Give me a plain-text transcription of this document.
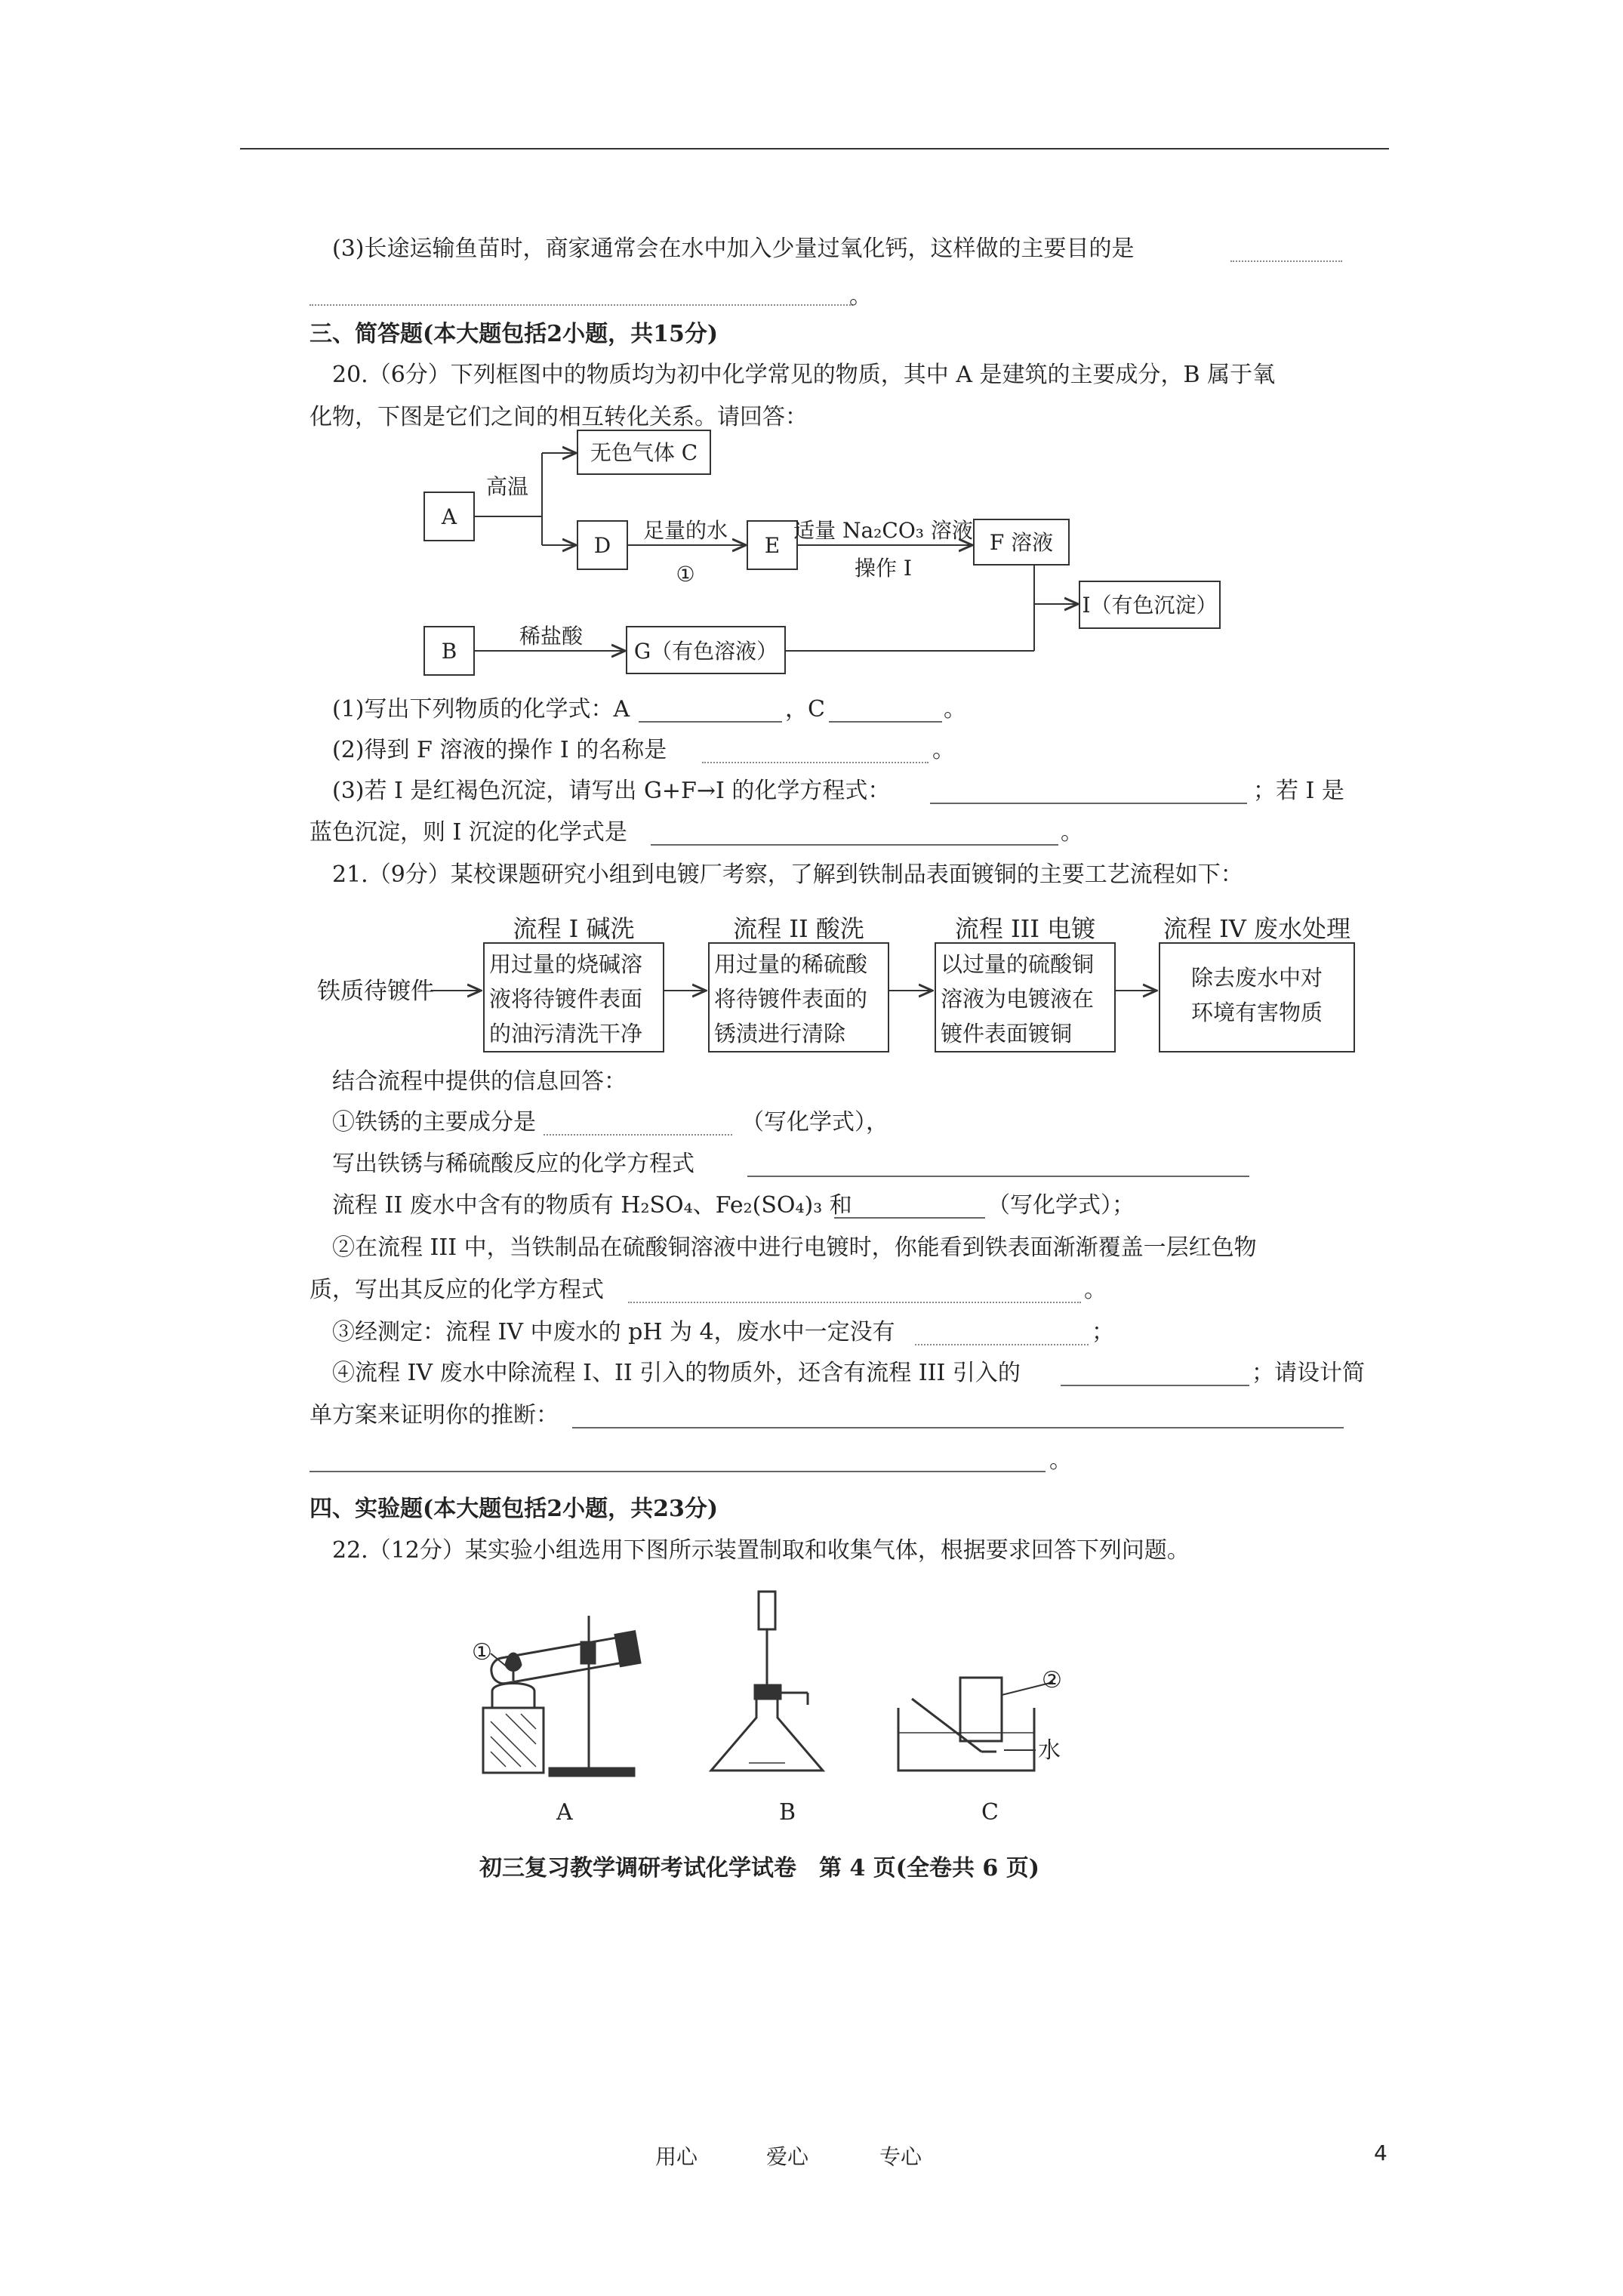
(3)长途运输鱼苗时，商家通常会在水中加入少量过氧化钙，这样做的主要目的是
。
三、简答题(本大题包括2小题，共15分)
20.（6分）下列框图中的物质均为初中化学常见的物质，其中 A 是建筑的主要成分，B 属于氧
化物，下图是它们之间的相互转化关系。请回答：
A
无色气体 C
D	E	F 溶液
I（有色沉淀）
B	G（有色溶液）
高温
足量的水
①
适量 Na₂CO₃ 溶液
操作 I
稀盐酸
(1)写出下列物质的化学式：A	，C	。
(2)得到 F 溶液的操作 I 的名称是	。
(3)若 I 是红褐色沉淀，请写出 G+F→I 的化学方程式：	；若 I 是
蓝色沉淀，则 I 沉淀的化学式是	。
21.（9分）某校课题研究小组到电镀厂考察，了解到铁制品表面镀铜的主要工艺流程如下：
流程 I 碱洗	流程 II 酸洗	流程 III 电镀	流程 IV 废水处理
铁质待镀件
用过量的烧碱溶
液将待镀件表面
的油污清洗干净
用过量的稀硫酸
将待镀件表面的
锈渍进行清除
以过量的硫酸铜
溶液为电镀液在
镀件表面镀铜
除去废水中对
环境有害物质
结合流程中提供的信息回答：
①铁锈的主要成分是	（写化学式），
写出铁锈与稀硫酸反应的化学方程式
流程 II 废水中含有的物质有 H₂SO₄、Fe₂(SO₄)₃ 和	（写化学式）；
②在流程 III 中，当铁制品在硫酸铜溶液中进行电镀时，你能看到铁表面渐渐覆盖一层红色物
质，写出其反应的化学方程式	。
③经测定：流程 IV 中废水的 pH 为 4，废水中一定没有	；
④流程 IV 废水中除流程 I、II 引入的物质外，还含有流程 III 引入的	；请设计简
单方案来证明你的推断：
。
四、实验题(本大题包括2小题，共23分)
22.（12分）某实验小组选用下图所示装置制取和收集气体，根据要求回答下列问题。
①
②
水
A	B	C
初三复习教学调研考试化学试卷　第 4 页(全卷共 6 页)
用心	爱心	专心	4
